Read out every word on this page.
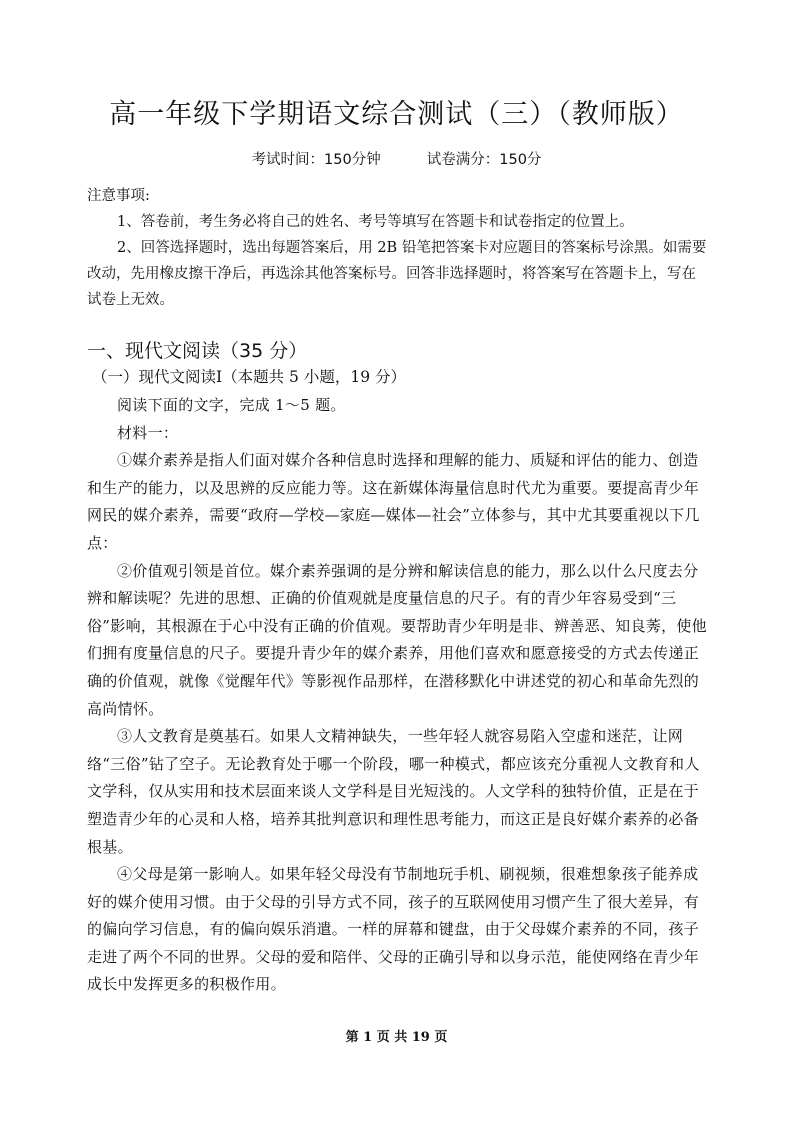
高一年级下学期语文综合测试（三）（教师版）
考试时间：150分钟	试卷满分：150分

注意事项:

1、答卷前，考生务必将自己的姓名、考号等填写在答题卡和试卷指定的位置上。

2、回答选择题时，选出每题答案后，用 2B 铅笔把答案卡对应题目的答案标号涂黑。如需要改动，先用橡皮擦干净后，再选涂其他答案标号。回答非选择题时，将答案写在答题卡上，写在试卷上无效。

一、现代文阅读（35 分）
（一）现代文阅读Ⅰ（本题共 5 小题，19 分）

阅读下面的文字，完成 1～5 题。

材料一：

①媒介素养是指人们面对媒介各种信息时选择和理解的能力、质疑和评估的能力、创造和生产的能力，以及思辨的反应能力等。这在新媒体海量信息时代尤为重要。要提高青少年网民的媒介素养，需要“政府—学校—家庭—媒体—社会”立体参与，其中尤其要重视以下几点：

②价值观引领是首位。媒介素养强调的是分辨和解读信息的能力，那么以什么尺度去分辨和解读呢？先进的思想、正确的价值观就是度量信息的尺子。有的青少年容易受到“三俗”影响，其根源在于心中没有正确的价值观。要帮助青少年明是非、辨善恶、知良莠，使他们拥有度量信息的尺子。要提升青少年的媒介素养，用他们喜欢和愿意接受的方式去传递正确的价值观，就像《觉醒年代》等影视作品那样，在潜移默化中讲述党的初心和革命先烈的高尚情怀。

③人文教育是奠基石。如果人文精神缺失，一些年轻人就容易陷入空虚和迷茫，让网络“三俗”钻了空子。无论教育处于哪一个阶段，哪一种模式，都应该充分重视人文教育和人文学科，仅从实用和技术层面来谈人文学科是目光短浅的。人文学科的独特价值，正是在于塑造青少年的心灵和人格，培养其批判意识和理性思考能力，而这正是良好媒介素养的必备根基。

④父母是第一影响人。如果年轻父母没有节制地玩手机、刷视频，很难想象孩子能养成好的媒介使用习惯。由于父母的引导方式不同，孩子的互联网使用习惯产生了很大差异，有的偏向学习信息，有的偏向娱乐消遣。一样的屏幕和键盘，由于父母媒介素养的不同，孩子走进了两个不同的世界。父母的爱和陪伴、父母的正确引导和以身示范，能使网络在青少年成长中发挥更多的积极作用。

第 1 页 共 19 页
